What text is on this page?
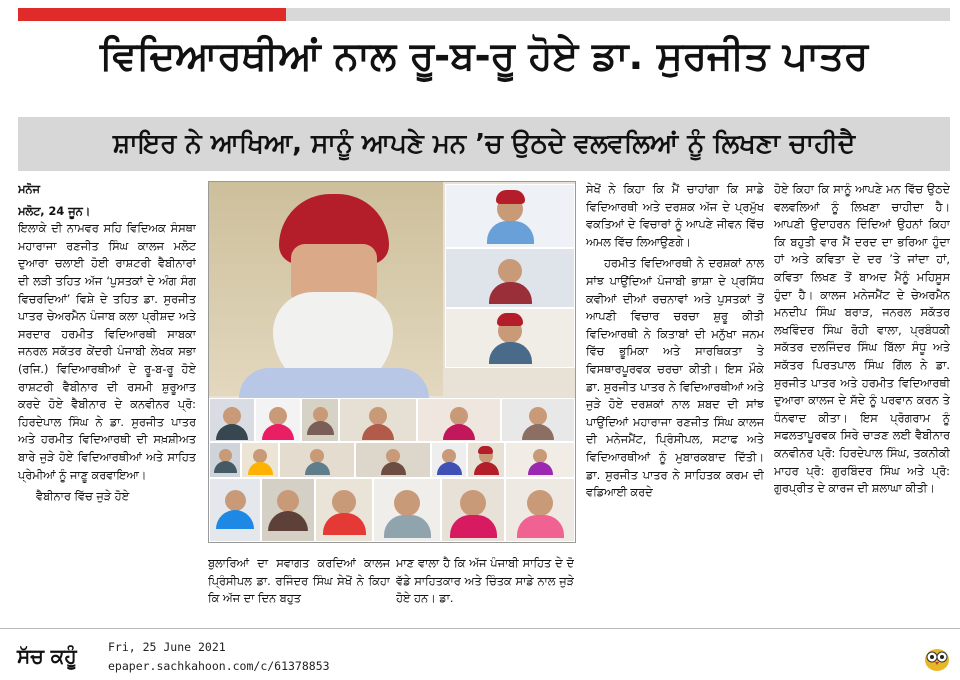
ਵਿਦਿਆਰਥੀਆਂ ਨਾਲ ਰੂ-ਬ-ਰੂ ਹੋਏ ਡਾ. ਸੁਰਜੀਤ ਪਾਤਰ
ਸ਼ਾਇਰ ਨੇ ਆਖਿਆ, ਸਾਨੂੰ ਆਪਣੇ ਮਨ ’ਚ ਉਠਦੇ ਵਲਵਲਿਆਂ ਨੂੰ ਲਿਖਣਾ ਚਾਹੀਦੈ

ਮਨੋਜ

ਮਲੋਟ, 24 ਜੂਨ।

ਇਲਾਕੇ ਦੀ ਨਾਮਵਰ ਸਹਿ ਵਿਦਿਅਕ ਸੰਸਥਾ ਮਹਾਰਾਜਾ ਰਣਜੀਤ ਸਿੰਘ ਕਾਲਜ ਮਲੋਟ ਦੁਆਰਾ ਚਲਾਈ ਹੋਈ ਰਾਸ਼ਟਰੀ ਵੈਬੀਨਾਰਾਂ ਦੀ ਲੜੀ ਤਹਿਤ ਅੱਜ ‘ਪੁਸਤਕਾਂ ਦੇ ਅੰਗ ਸੰਗ ਵਿਚਰਦਿਆਂ’ ਵਿਸ਼ੇ ਦੇ ਤਹਿਤ ਡਾ. ਸੁਰਜੀਤ ਪਾਤਰ ਚੇਅਰਮੈਨ ਪੰਜਾਬ ਕਲਾ ਪ੍ਰੀਸ਼ਦ ਅਤੇ ਸਰਦਾਰ ਹਰਮੀਤ ਵਿਦਿਆਰਥੀ ਸਾਬਕਾ ਜਨਰਲ ਸਕੱਤਰ ਕੇਂਦਰੀ ਪੰਜਾਬੀ ਲੇਖਕ ਸਭਾ (ਰਜਿ.) ਵਿਦਿਆਰਥੀਆਂ ਦੇ ਰੂ-ਬ-ਰੂ ਹੋਏ ਰਾਸ਼ਟਰੀ ਵੈਬੀਨਾਰ ਦੀ ਰਸਮੀ ਸ਼ੁਰੂਆਤ ਕਰਦੇ ਹੋਏ ਵੈਬੀਨਾਰ ਦੇ ਕਨਵੀਨਰ ਪ੍ਰੋ: ਹਿਰਦੇਪਾਲ ਸਿੰਘ ਨੇ ਡਾ. ਸੁਰਜੀਤ ਪਾਤਰ ਅਤੇ ਹਰਮੀਤ ਵਿਦਿਆਰਥੀ ਦੀ ਸਖ਼ਸ਼ੀਅਤ ਬਾਰੇ ਜੁੜੇ ਹੋਏ ਵਿਦਿਆਰਥੀਆਂ ਅਤੇ ਸਾਹਿਤ ਪ੍ਰੇਮੀਆਂ ਨੂੰ ਜਾਣੂ ਕਰਵਾਇਆ।

ਵੈਬੀਨਾਰ ਵਿੱਚ ਜੁੜੇ ਹੋਏ

ਬੁਲਾਰਿਆਂ ਦਾ ਸਵਾਗਤ ਕਰਦਿਆਂ ਕਾਲਜ ਪ੍ਰਿੰਸੀਪਲ ਡਾ. ਰਜਿੰਦਰ ਸਿੰਘ ਸੇਖੋਂ ਨੇ ਕਿਹਾ ਕਿ ਅੱਜ ਦਾ ਦਿਨ ਬਹੁਤ

ਮਾਣ ਵਾਲਾ ਹੈ ਕਿ ਅੱਜ ਪੰਜਾਬੀ ਸਾਹਿਤ ਦੇ ਦੋ ਵੱਡੇ ਸਾਹਿਤਕਾਰ ਅਤੇ ਚਿੰਤਕ ਸਾਡੇ ਨਾਲ ਜੁੜੇ ਹੋਏ ਹਨ। ਡਾ.

ਸੇਖੋਂ ਨੇ ਕਿਹਾ ਕਿ ਮੈਂ ਚਾਹਾਂਗਾ ਕਿ ਸਾਡੇ ਵਿਦਿਆਰਥੀ ਅਤੇ ਦਰਸ਼ਕ ਅੱਜ ਦੇ ਪ੍ਰਮੁੱਖ ਵਕਤਿਆਂ ਦੇ ਵਿਚਾਰਾਂ ਨੂੰ ਆਪਣੇ ਜੀਵਨ ਵਿੱਚ ਅਮਲ ਵਿੱਚ ਲਿਆਉਣਗੇ।

ਹਰਮੀਤ ਵਿਦਿਆਰਥੀ ਨੇ ਦਰਸ਼ਕਾਂ ਨਾਲ ਸਾਂਝ ਪਾਉਂਦਿਆਂ ਪੰਜਾਬੀ ਭਾਸ਼ਾ ਦੇ ਪ੍ਰਸਿੱਧ ਕਵੀਆਂ ਦੀਆਂ ਰਚਨਾਵਾਂ ਅਤੇ ਪੁਸਤਕਾਂ ਤੋਂ ਆਪਣੀ ਵਿਚਾਰ ਚਰਚਾ ਸ਼ੁਰੂ ਕੀਤੀ ਵਿਦਿਆਰਥੀ ਨੇ ਕਿਤਾਬਾਂ ਦੀ ਮਨੁੱਖਾ ਜਨਮ ਵਿੱਚ ਭੂਮਿਕਾ ਅਤੇ ਸਾਰਥਿਕਤਾ ਤੇ ਵਿਸਥਾਰਪੂਰਵਕ ਚਰਚਾ ਕੀਤੀ। ਇਸ ਮੌਕੇ ਡਾ. ਸੁਰਜੀਤ ਪਾਤਰ ਨੇ ਵਿਦਿਆਰਥੀਆਂ ਅਤੇ ਜੁੜੇ ਹੋਏ ਦਰਸ਼ਕਾਂ ਨਾਲ ਸ਼ਬਦ ਦੀ ਸਾਂਝ ਪਾਉਂਦਿਆਂ ਮਹਾਰਾਜਾ ਰਣਜੀਤ ਸਿੰਘ ਕਾਲਜ ਦੀ ਮਨੇਜਮੈਂਟ, ਪ੍ਰਿੰਸੀਪਲ, ਸਟਾਫ ਅਤੇ ਵਿਦਿਆਰਥੀਆਂ ਨੂੰ ਮੁਬਾਰਕਬਾਦ ਦਿੱਤੀ। ਡਾ. ਸੁਰਜੀਤ ਪਾਤਰ ਨੇ ਸਾਹਿਤਕ ਕਰਮ ਦੀ ਵਡਿਆਈ ਕਰਦੇ

ਹੋਏ ਕਿਹਾ ਕਿ ਸਾਨੂੰ ਆਪਣੇ ਮਨ ਵਿੱਚ ਉਠਦੇ ਵਲਵਲਿਆਂ ਨੂੰ ਲਿਖਣਾ ਚਾਹੀਦਾ ਹੈ। ਆਪਣੀ ਉਦਾਹਰਨ ਦਿੰਦਿਆਂ ਉਹਨਾਂ ਕਿਹਾ ਕਿ ਬਹੁਤੀ ਵਾਰ ਮੈਂ ਦਰਦ ਦਾ ਭਰਿਆ ਹੁੰਦਾ ਹਾਂ ਅਤੇ ਕਵਿਤਾ ਦੇ ਦਰ ’ਤੇ ਜਾਂਦਾ ਹਾਂ, ਕਵਿਤਾ ਲਿਖਣ ਤੋਂ ਬਾਅਦ ਮੈਨੂੰ ਮਹਿਸੂਸ ਹੁੰਦਾ ਹੈ। ਕਾਲਜ ਮਨੇਜਮੈਂਟ ਦੇ ਚੇਅਰਮੈਨ ਮਨਦੀਪ ਸਿੰਘ ਬਰਾੜ, ਜਨਰਲ ਸਕੱਤਰ ਲਖਵਿੰਦਰ ਸਿੰਘ ਰੋਹੀ ਵਾਲਾ, ਪ੍ਰਬੰਧਕੀ ਸਕੱਤਰ ਦਲਜਿੰਦਰ ਸਿੰਘ ਬਿੱਲਾ ਸੰਧੂ ਅਤੇ ਸਕੱਤਰ ਪਿਰਤਪਾਲ ਸਿੰਘ ਗਿੱਲ ਨੇ ਡਾ. ਸੁਰਜੀਤ ਪਾਤਰ ਅਤੇ ਹਰਮੀਤ ਵਿਦਿਆਰਥੀ ਦੁਆਰਾ ਕਾਲਜ ਦੇ ਸੱਦੇ ਨੂੰ ਪਰਵਾਨ ਕਰਨ ਤੇ ਧੰਨਵਾਦ ਕੀਤਾ। ਇਸ ਪ੍ਰੋਗਰਾਮ ਨੂੰ ਸਫਲਤਾਪੂਰਵਕ ਸਿਰੇ ਚਾੜਣ ਲਈ ਵੈਬੀਨਾਰ ਕਨਵੀਨਰ ਪ੍ਰੋ: ਹਿਰਦੇਪਾਲ ਸਿੰਘ, ਤਕਨੀਕੀ ਮਾਹਰ ਪ੍ਰੋ: ਗੁਰਬਿੰਦਰ ਸਿੰਘ ਅਤੇ ਪ੍ਰੋ: ਗੁਰਪ੍ਰੀਤ ਦੇ ਕਾਰਜ ਦੀ ਸ਼ਲਾਘਾ ਕੀਤੀ।

ਸੱਚ ਕਹੂੰ	Fri, 25 June 2021
epaper.sachkahoon.com/c/61378853
